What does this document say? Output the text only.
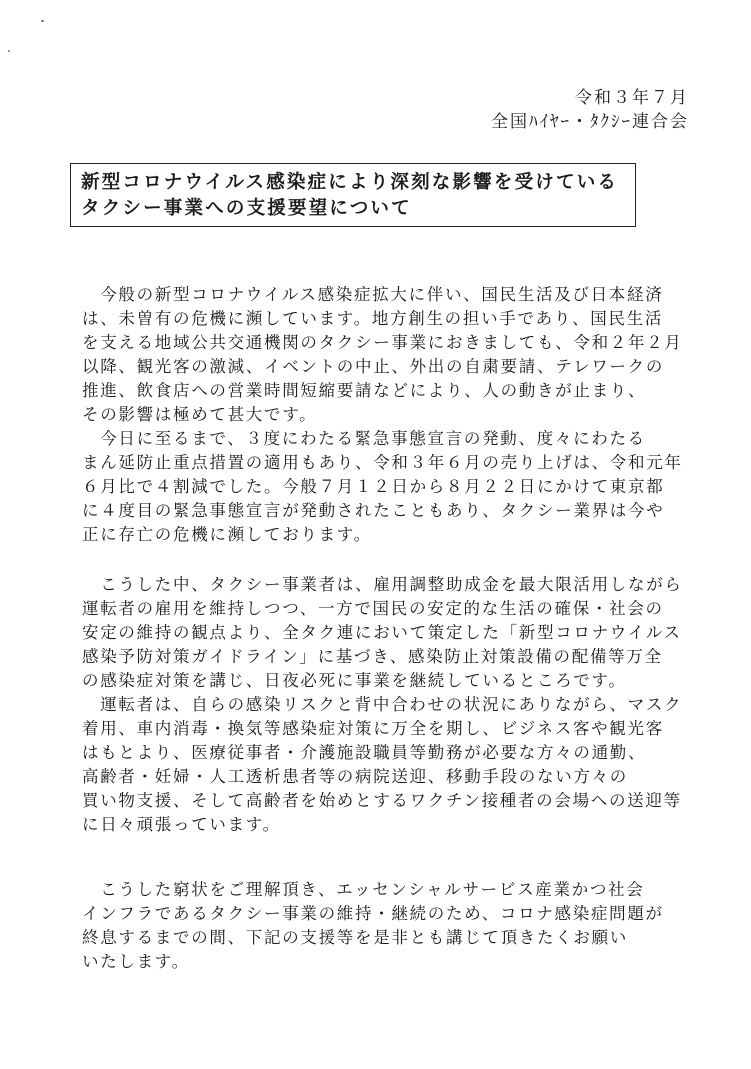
令和３年７月
全国ﾊｲﾔｰ・ﾀｸｼｰ連合会
新型コロナウイルス感染症により深刻な影響を受けている
タクシー事業への支援要望について
　今般の新型コロナウイルス感染症拡大に伴い、国民生活及び日本経済
は、未曽有の危機に瀕しています。地方創生の担い手であり、国民生活
を支える地域公共交通機関のタクシー事業におきましても、令和２年２月
以降、観光客の激減、イベントの中止、外出の自粛要請、テレワークの
推進、飲食店への営業時間短縮要請などにより、人の動きが止まり、
その影響は極めて甚大です。
　今日に至るまで、３度にわたる緊急事態宣言の発動、度々にわたる
まん延防止重点措置の適用もあり、令和３年６月の売り上げは、令和元年
６月比で４割減でした。今般７月１２日から８月２２日にかけて東京都
に４度目の緊急事態宣言が発動されたこともあり、タクシー業界は今や
正に存亡の危機に瀕しております。
　こうした中、タクシー事業者は、雇用調整助成金を最大限活用しながら
運転者の雇用を維持しつつ、一方で国民の安定的な生活の確保・社会の
安定の維持の観点より、全タク連において策定した「新型コロナウイルス
感染予防対策ガイドライン」に基づき、感染防止対策設備の配備等万全
の感染症対策を講じ、日夜必死に事業を継続しているところです。
　運転者は、自らの感染リスクと背中合わせの状況にありながら、マスク
着用、車内消毒・換気等感染症対策に万全を期し、ビジネス客や観光客
はもとより、医療従事者・介護施設職員等勤務が必要な方々の通勤、
高齢者・妊婦・人工透析患者等の病院送迎、移動手段のない方々の
買い物支援、そして高齢者を始めとするワクチン接種者の会場への送迎等
に日々頑張っています。
　こうした窮状をご理解頂き、エッセンシャルサービス産業かつ社会
インフラであるタクシー事業の維持・継続のため、コロナ感染症問題が
終息するまでの間、下記の支援等を是非とも講じて頂きたくお願い
いたします。
